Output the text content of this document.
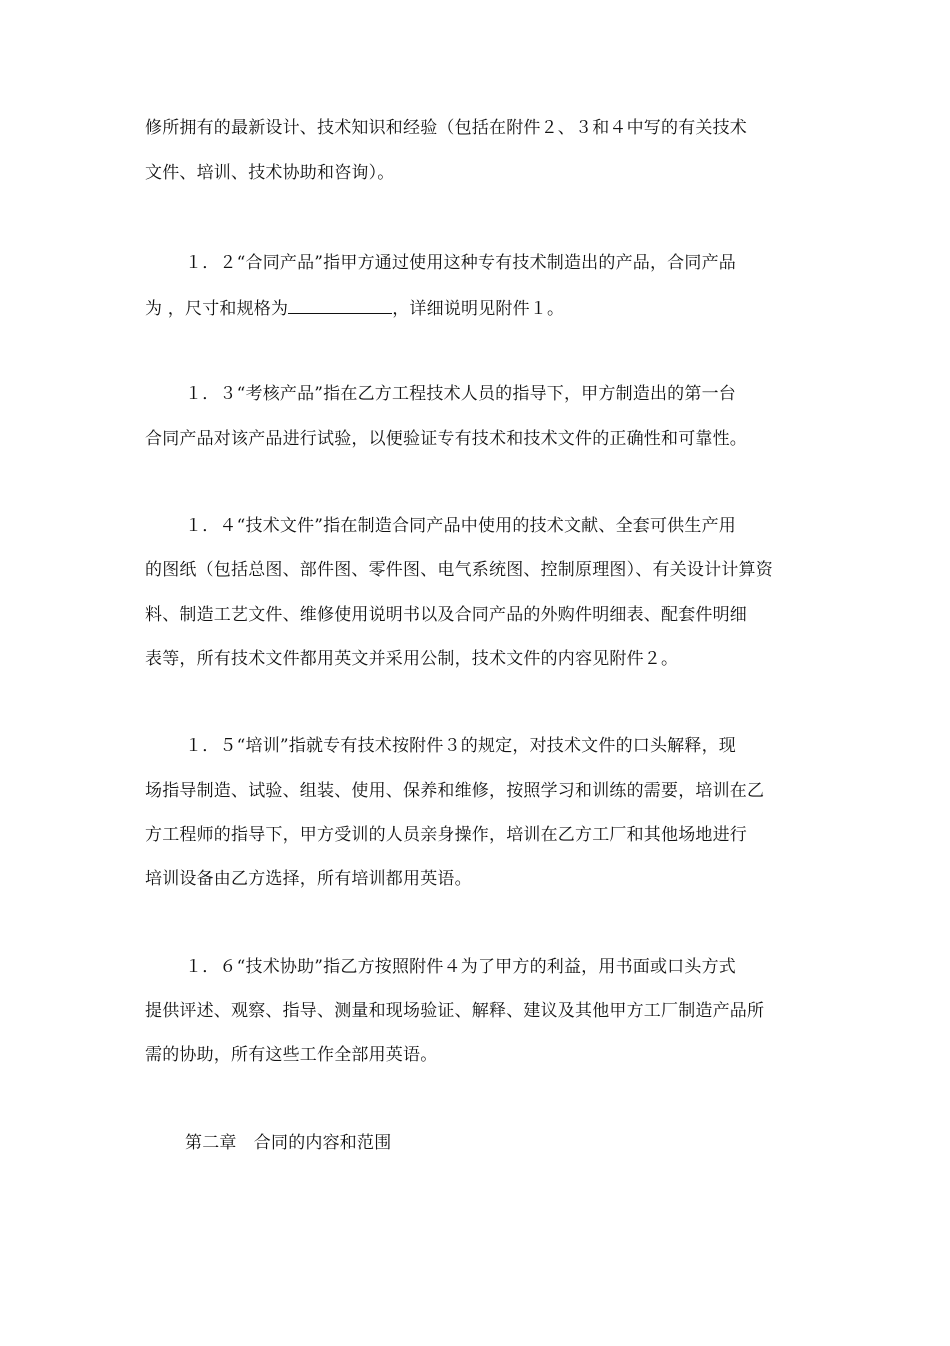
修所拥有的最新设计、技术知识和经验（包括在附件２、３和４中写的有关技术
文件、培训、技术协助和咨询）。
１．２“合同产品”指甲方通过使用这种专有技术制造出的产品，合同产品
为 ，尺寸和规格为	，详细说明见附件１。
１．３“考核产品”指在乙方工程技术人员的指导下，甲方制造出的第一台
合同产品对该产品进行试验，以便验证专有技术和技术文件的正确性和可靠性。
１．４“技术文件”指在制造合同产品中使用的技术文献、全套可供生产用
的图纸（包括总图、部件图、零件图、电气系统图、控制原理图）、有关设计计算资
料、制造工艺文件、维修使用说明书以及合同产品的外购件明细表、配套件明细
表等，所有技术文件都用英文并采用公制，技术文件的内容见附件２。
１．５“培训”指就专有技术按附件３的规定，对技术文件的口头解释，现
场指导制造、试验、组装、使用、保养和维修，按照学习和训练的需要，培训在乙
方工程师的指导下，甲方受训的人员亲身操作，培训在乙方工厂和其他场地进行
培训设备由乙方选择，所有培训都用英语。
１．６“技术协助”指乙方按照附件４为了甲方的利益，用书面或口头方式
提供评述、观察、指导、测量和现场验证、解释、建议及其他甲方工厂制造产品所
需的协助，所有这些工作全部用英语。
第二章　合同的内容和范围
